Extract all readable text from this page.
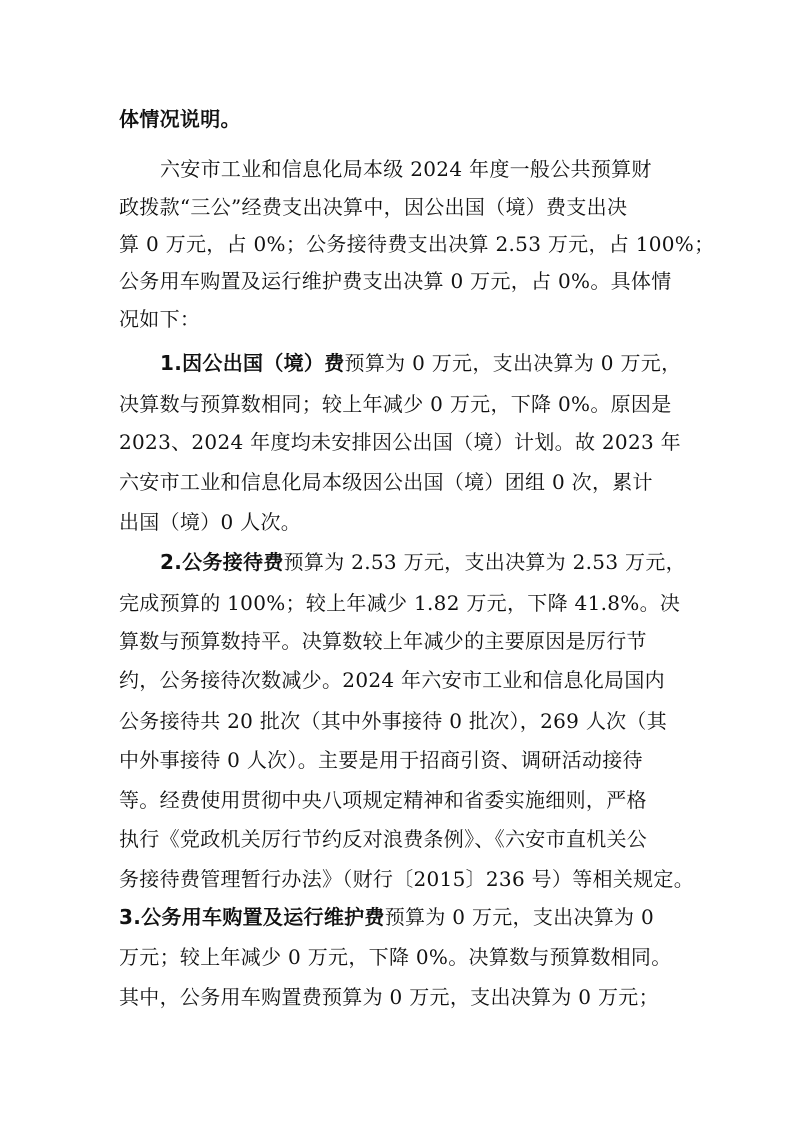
体情况说明。
六安市工业和信息化局本级 2024 年度一般公共预算财
政拨款“三公”经费支出决算中，因公出国（境）费支出决
算 0 万元，占 0%；公务接待费支出决算 2.53 万元，占 100%；
公务用车购置及运行维护费支出决算 0 万元，占 0%。具体情
况如下：
1.因公出国（境）费预算为 0 万元，支出决算为 0 万元，
决算数与预算数相同；较上年减少 0 万元，下降 0%。原因是
2023、2024 年度均未安排因公出国（境）计划。故 2023 年
六安市工业和信息化局本级因公出国（境）团组 0 次，累计
出国（境）0 人次。
2.公务接待费预算为 2.53 万元，支出决算为 2.53 万元，
完成预算的 100%；较上年减少 1.82 万元，下降 41.8%。决
算数与预算数持平。决算数较上年减少的主要原因是厉行节
约，公务接待次数减少。2024 年六安市工业和信息化局国内
公务接待共 20 批次（其中外事接待 0 批次），269 人次（其
中外事接待 0 人次）。主要是用于招商引资、调研活动接待
等。经费使用贯彻中央八项规定精神和省委实施细则，严格
执行《党政机关厉行节约反对浪费条例》、《六安市直机关公
务接待费管理暂行办法》（财行〔2015〕236 号）等相关规定。
3.公务用车购置及运行维护费预算为 0 万元，支出决算为 0
万元；较上年减少 0 万元，下降 0%。决算数与预算数相同。
其中，公务用车购置费预算为 0 万元，支出决算为 0 万元；
